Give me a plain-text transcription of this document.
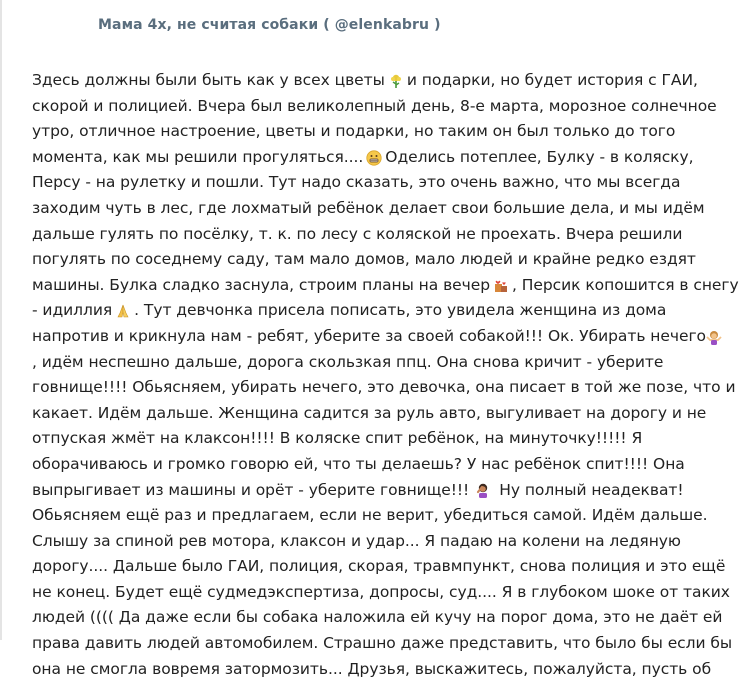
Мама 4х, не считая собаки ( @elenkabru )
Здесь должны были быть как у всех цветы и подарки, но будет история с ГАИ,
скорой и полицией. Вчера был великолепный день, 8-е марта, морозное солнечное
утро, отличное настроение, цветы и подарки, но таким он был только до того
момента, как мы решили прогуляться.... Оделись потеплее, Булку - в коляску,
Персу - на рулетку и пошли. Тут надо сказать, это очень важно, что мы всегда
заходим чуть в лес, где лохматый ребёнок делает свои большие дела, и мы идём
дальше гулять по посёлку, т. к. по лесу с коляской не проехать. Вчера решили
погулять по соседнему саду, там мало домов, мало людей и крайне редко ездят
машины. Булка сладко заснула, строим планы на вечер , Персик копошится в снегу
- идиллия . Тут девчонка присела пописать, это увидела женщина из дома
напротив и крикнула нам - ребят, уберите за своей собакой!!! Ок. Убирать нечего
, идём неспешно дальше, дорога скользкая ппц. Она снова кричит - уберите
говнище!!!! Обьясняем, убирать нечего, это девочка, она писает в той же позе, что и
какает. Идём дальше. Женщина садится за руль авто, выгуливает на дорогу и не
отпуская жмёт на клаксон!!!! В коляске спит ребёнок, на минуточку!!!!! Я
оборачиваюсь и громко говорю ей, что ты делаешь? У нас ребёнок спит!!!! Она
выпрыгивает из машины и орёт - уберите говнище!!! Ну полный неадекват!
Обьясняем ещё раз и предлагаем, если не верит, убедиться самой. Идём дальше.
Слышу за спиной рев мотора, клаксон и удар... Я падаю на колени на ледяную
дорогу.... Дальше было ГАИ, полиция, скорая, травмпункт, снова полиция и это ещё
не конец. Будет ещё судмедэкспертиза, допросы, суд.... Я в глубоком шоке от таких
людей (((( Да даже если бы собака наложила ей кучу на порог дома, это не даёт ей
права давить людей автомобилем. Страшно даже представить, что было бы если бы
она не смогла вовремя затормозить... Друзья, выскажитесь, пожалуйста, пусть об
